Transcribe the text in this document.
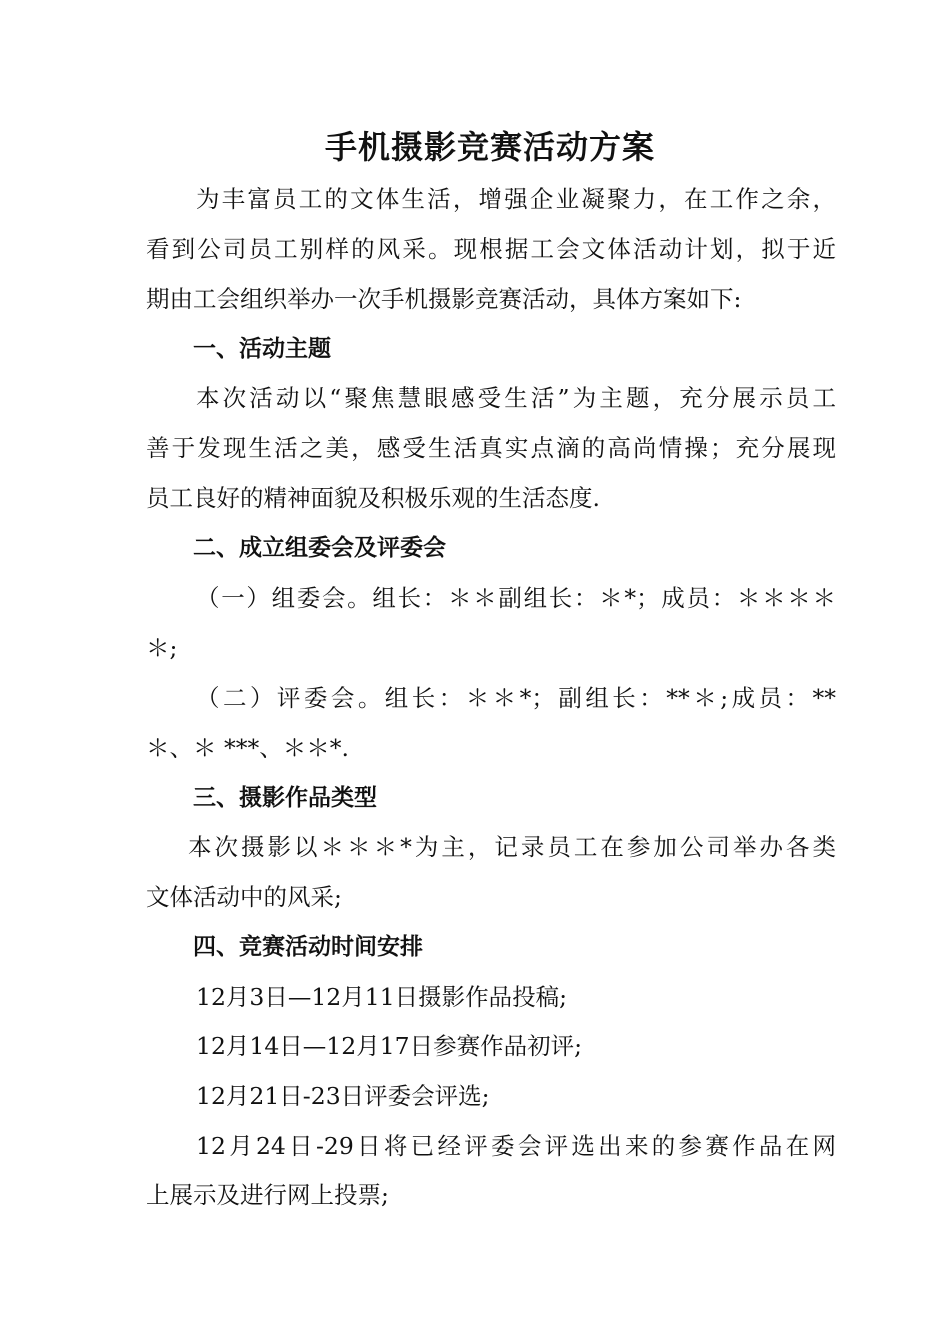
手机摄影竞赛活动方案
为丰富员工的文体生活，增强企业凝聚力，在工作之余，
看到公司员工别样的风采。现根据工会文体活动计划，拟于近
期由工会组织举办一次手机摄影竞赛活动，具体方案如下:
一、活动主题
本次活动以“聚焦慧眼感受生活”为主题，充分展示员工
善于发现生活之美，感受生活真实点滴的高尚情操；充分展现
员工良好的精神面貌及积极乐观的生活态度.
二、成立组委会及评委会
（一）组委会。组长：＊＊副组长：＊*；成员：＊＊＊＊
＊;
（二）评委会。组长：＊＊*；副组长：**＊;成员：**
＊、＊ ***、＊＊*.
三、摄影作品类型
本次摄影以＊＊＊*为主，记录员工在参加公司举办各类
文体活动中的风采;
四、竞赛活动时间安排
12月3日—12月11日摄影作品投稿;
12月14日—12月17日参赛作品初评;
12月21日-23日评委会评选;
12月24日-29日将已经评委会评选出来的参赛作品在网
上展示及进行网上投票;
